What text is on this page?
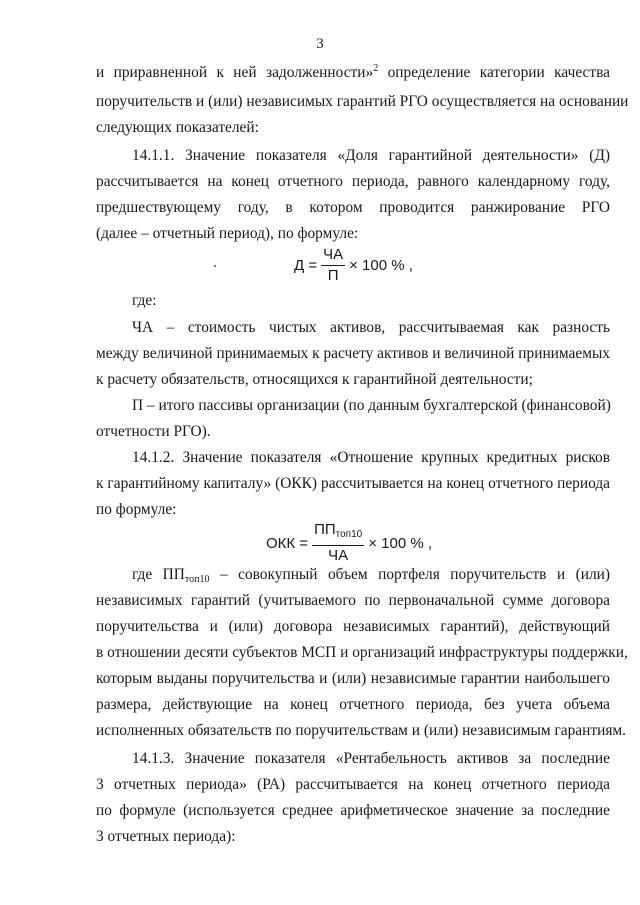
3
и приравненной к ней задолженности»$^2$ определение категории качества
поручительств и (или) независимых гарантий РГО осуществляется на основании
следующих показателей:
14.1.1. Значение показателя «Доля гарантийной деятельности» (Д)
рассчитывается на конец отчетного периода, равного календарному году,
предшествующему году, в котором проводится ранжирование РГО
(далее – отчетный период), по формуле:
$Д = \frac{ЧА}{П} \times 100$ % ,
где:
ЧА – стоимость чистых активов, рассчитываемая как разность
между величиной принимаемых к расчету активов и величиной принимаемых
к расчету обязательств, относящихся к гарантийной деятельности;
П – итого пассивы организации (по данным бухгалтерской (финансовой)
отчетности РГО).
14.1.2. Значение показателя «Отношение крупных кредитных рисков
к гарантийному капиталу» (ОКК) рассчитывается на конец отчетного периода
по формуле:
ОКК = $\frac{ПП_{топ10}}{ЧА} \times 100$ % ,
где $ПП_{топ10}$ – совокупный объем портфеля поручительств и (или)
независимых гарантий (учитываемого по первоначальной сумме договора
поручительства и (или) договора независимых гарантий), действующий
в отношении десяти субъектов МСП и организаций инфраструктуры поддержки,
которым выданы поручительства и (или) независимые гарантии наибольшего
размера, действующие на конец отчетного периода, без учета объема
исполненных обязательств по поручительствам и (или) независимым гарантиям.
14.1.3. Значение показателя «Рентабельность активов за последние
3 отчетных периода» (РА) рассчитывается на конец отчетного периода
по формуле (используется среднее арифметическое значение за последние
3 отчетных периода):
